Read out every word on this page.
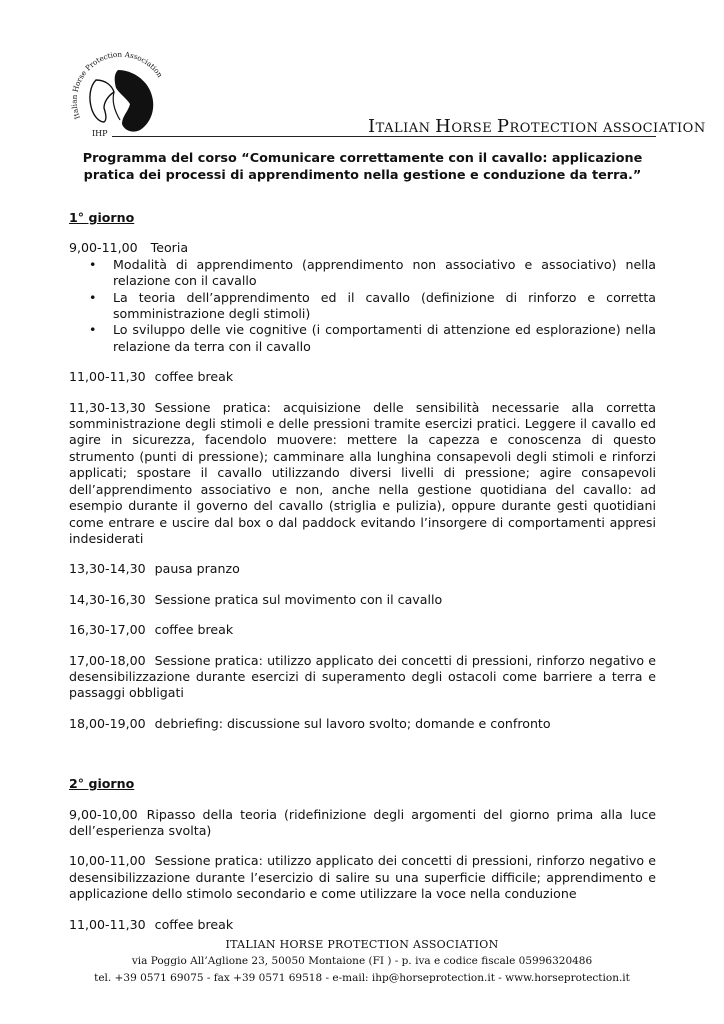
Italian Horse Protection Association
IHP	ITALIAN HORSE PROTECTION ASSOCIATION

Programma del corso “Comunicare correttamente con il cavallo: applicazione pratica dei processi di apprendimento nella gestione e conduzione da terra.”

1° giorno

9,00-11,00 Teoria

• Modalità di apprendimento (apprendimento non associativo e associativo) nella relazione con il cavallo
• La teoria dell’apprendimento ed il cavallo (definizione di rinforzo e corretta somministrazione degli stimoli)
• Lo sviluppo delle vie cognitive (i comportamenti di attenzione ed esplorazione) nella relazione da terra con il cavallo

11,00-11,30 coffee break

11,30-13,30 Sessione pratica: acquisizione delle sensibilità necessarie alla corretta somministrazione degli stimoli e delle pressioni tramite esercizi pratici. Leggere il cavallo ed agire in sicurezza, facendolo muovere: mettere la capezza e conoscenza di questo strumento (punti di pressione); camminare alla lunghina consapevoli degli stimoli e rinforzi applicati; spostare il cavallo utilizzando diversi livelli di pressione; agire consapevoli dell’apprendimento associativo e non, anche nella gestione quotidiana del cavallo: ad esempio durante il governo del cavallo (striglia e pulizia), oppure durante gesti quotidiani come entrare e uscire dal box o dal paddock evitando l’insorgere di comportamenti appresi indesiderati

13,30-14,30 pausa pranzo

14,30-16,30 Sessione pratica sul movimento con il cavallo

16,30-17,00 coffee break

17,00-18,00 Sessione pratica: utilizzo applicato dei concetti di pressioni, rinforzo negativo e desensibilizzazione durante esercizi di superamento degli ostacoli come barriere a terra e passaggi obbligati

18,00-19,00 debriefing: discussione sul lavoro svolto; domande e confronto

2° giorno

9,00-10,00 Ripasso della teoria (ridefinizione degli argomenti del giorno prima alla luce dell’esperienza svolta)

10,00-11,00 Sessione pratica: utilizzo applicato dei concetti di pressioni, rinforzo negativo e desensibilizzazione durante l’esercizio di salire su una superficie difficile; apprendimento e applicazione dello stimolo secondario e come utilizzare la voce nella conduzione

11,00-11,30 coffee break

ITALIAN HORSE PROTECTION ASSOCIATION
via Poggio All’Aglione 23, 50050 Montaione (FI ) - p. iva e codice fiscale 05996320486
tel. +39 0571 69075 - fax +39 0571 69518 - e-mail: ihp@horseprotection.it - www.horseprotection.it
